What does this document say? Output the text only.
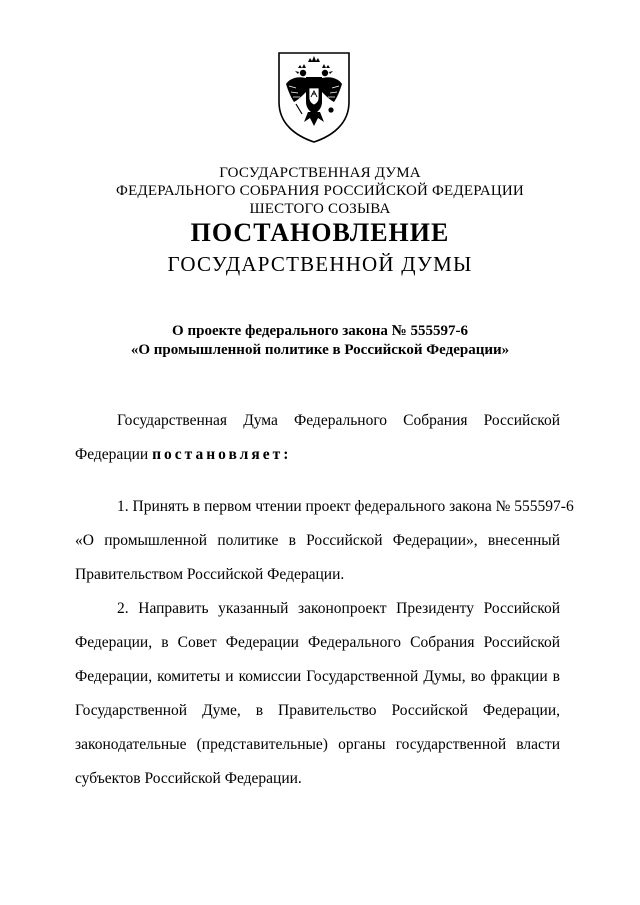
ГОСУДАРСТВЕННАЯ ДУМА
ФЕДЕРАЛЬНОГО СОБРАНИЯ РОССИЙСКОЙ ФЕДЕРАЦИИ
ШЕСТОГО СОЗЫВА
ПОСТАНОВЛЕНИЕ
ГОСУДАРСТВЕННОЙ ДУМЫ
О проекте федерального закона № 555597-6
«О промышленной политике в Российской Федерации»
Государственная Дума Федерального Собрания Российской
Федерации постановляет:
1. Принять в первом чтении проект федерального закона № 555597-6
«О промышленной политике в Российской Федерации», внесенный
Правительством Российской Федерации.
2. Направить указанный законопроект Президенту Российской
Федерации, в Совет Федерации Федерального Собрания Российской
Федерации, комитеты и комиссии Государственной Думы, во фракции в
Государственной Думе, в Правительство Российской Федерации,
законодательные (представительные) органы государственной власти
субъектов Российской Федерации.
